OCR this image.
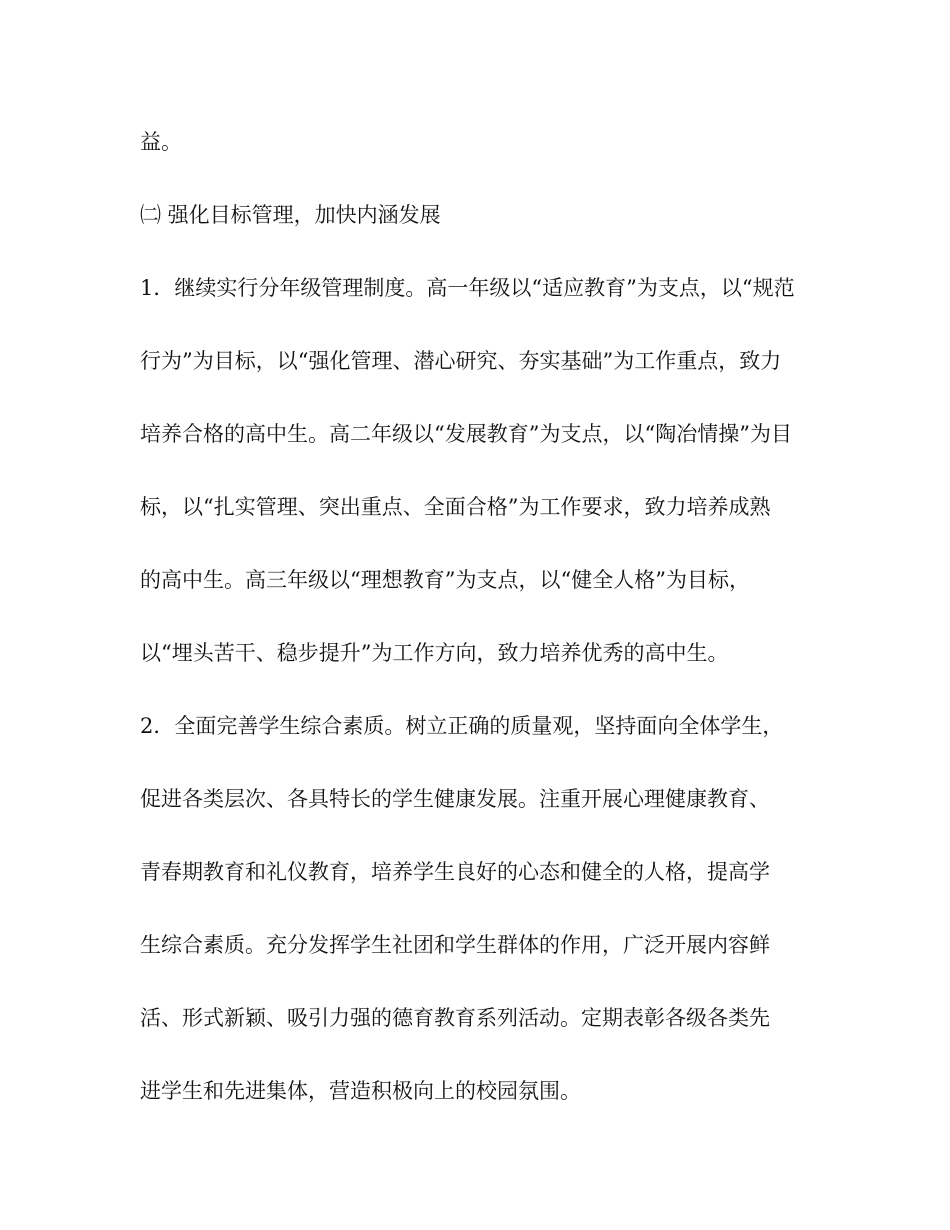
益。
㈡ 强化目标管理，加快内涵发展
1．继续实行分年级管理制度。高一年级以“适应教育”为支点，以“规范
行为”为目标，以“强化管理、潜心研究、夯实基础”为工作重点，致力
培养合格的高中生。高二年级以“发展教育”为支点，以“陶冶情操”为目
标，以“扎实管理、突出重点、全面合格”为工作要求，致力培养成熟
的高中生。高三年级以“理想教育”为支点，以“健全人格”为目标，
以“埋头苦干、稳步提升”为工作方向，致力培养优秀的高中生。
2．全面完善学生综合素质。树立正确的质量观，坚持面向全体学生，
促进各类层次、各具特长的学生健康发展。注重开展心理健康教育、
青春期教育和礼仪教育，培养学生良好的心态和健全的人格，提高学
生综合素质。充分发挥学生社团和学生群体的作用，广泛开展内容鲜
活、形式新颖、吸引力强的德育教育系列活动。定期表彰各级各类先
进学生和先进集体，营造积极向上的校园氛围。
